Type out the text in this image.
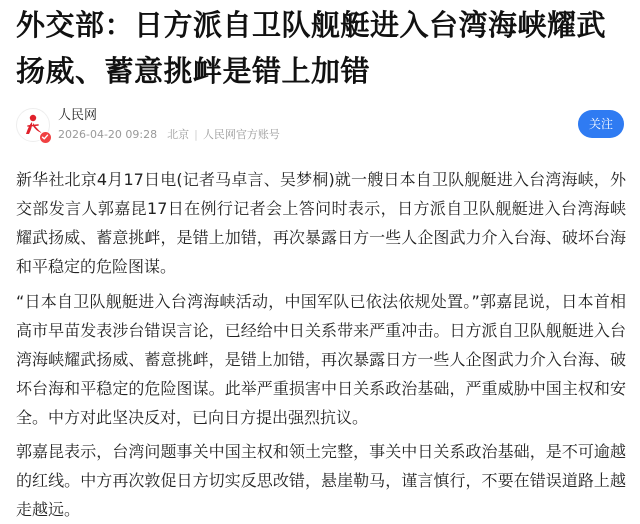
外交部：日方派自卫队舰艇进入台湾海峡耀武扬威、蓄意挑衅是错上加错
人民网
2026-04-20 09:28 北京 | 人民网官方账号
关注

新华社北京4月17日电(记者马卓言、吴梦桐)就一艘日本自卫队舰艇进入台湾海峡，外交部发言人郭嘉昆17日在例行记者会上答问时表示，日方派自卫队舰艇进入台湾海峡耀武扬威、蓄意挑衅，是错上加错，再次暴露日方一些人企图武力介入台海、破坏台海和平稳定的危险图谋。

“日本自卫队舰艇进入台湾海峡活动，中国军队已依法依规处置。”郭嘉昆说，日本首相高市早苗发表涉台错误言论，已经给中日关系带来严重冲击。日方派自卫队舰艇进入台湾海峡耀武扬威、蓄意挑衅，是错上加错，再次暴露日方一些人企图武力介入台海、破坏台海和平稳定的危险图谋。此举严重损害中日关系政治基础，严重威胁中国主权和安全。中方对此坚决反对，已向日方提出强烈抗议。

郭嘉昆表示，台湾问题事关中国主权和领土完整，事关中日关系政治基础，是不可逾越的红线。中方再次敦促日方切实反思改错，悬崖勒马，谨言慎行，不要在错误道路上越走越远。
